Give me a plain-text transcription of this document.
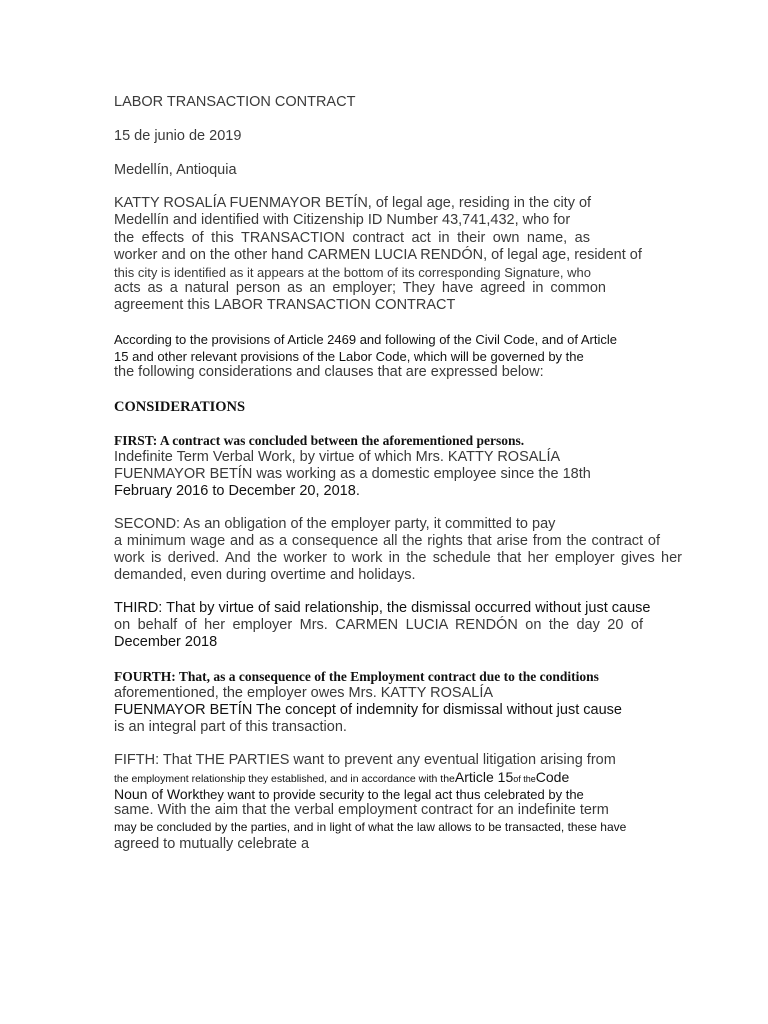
LABOR TRANSACTION CONTRACT
15 de junio de 2019
Medellín, Antioquia
KATTY ROSALÍA FUENMAYOR BETÍN, of legal age, residing in the city of
Medellín and identified with Citizenship ID Number 43,741,432, who for
the effects of this TRANSACTION contract act in their own name, as
worker and on the other hand CARMEN LUCIA RENDÓN, of legal age, resident of
this city is identified as it appears at the bottom of its corresponding Signature, who
acts as a natural person as an employer; They have agreed in common
agreement this LABOR TRANSACTION CONTRACT
According to the provisions of Article 2469 and following of the Civil Code, and of Article
15 and other relevant provisions of the Labor Code, which will be governed by the
the following considerations and clauses that are expressed below:
CONSIDERATIONS
FIRST: A contract was concluded between the aforementioned persons.
Indefinite Term Verbal Work, by virtue of which Mrs. KATTY ROSALÍA
FUENMAYOR BETÍN was working as a domestic employee since the 18th
February 2016 to December 20, 2018.
SECOND: As an obligation of the employer party, it committed to pay
a minimum wage and as a consequence all the rights that arise from the contract of
work is derived. And the worker to work in the schedule that her employer gives her
demanded, even during overtime and holidays.
THIRD: That by virtue of said relationship, the dismissal occurred without just cause
on behalf of her employer Mrs. CARMEN LUCIA RENDÓN on the day 20 of
December 2018
FOURTH: That, as a consequence of the Employment contract due to the conditions
aforementioned, the employer owes Mrs. KATTY ROSALÍA
FUENMAYOR BETÍN The concept of indemnity for dismissal without just cause
is an integral part of this transaction.
FIFTH: That THE PARTIES want to prevent any eventual litigation arising from
the employment relationship they established, and in accordance with theArticle 15of theCode
Noun of Workthey want to provide security to the legal act thus celebrated by the
same. With the aim that the verbal employment contract for an indefinite term
may be concluded by the parties, and in light of what the law allows to be transacted, these have
agreed to mutually celebrate a
